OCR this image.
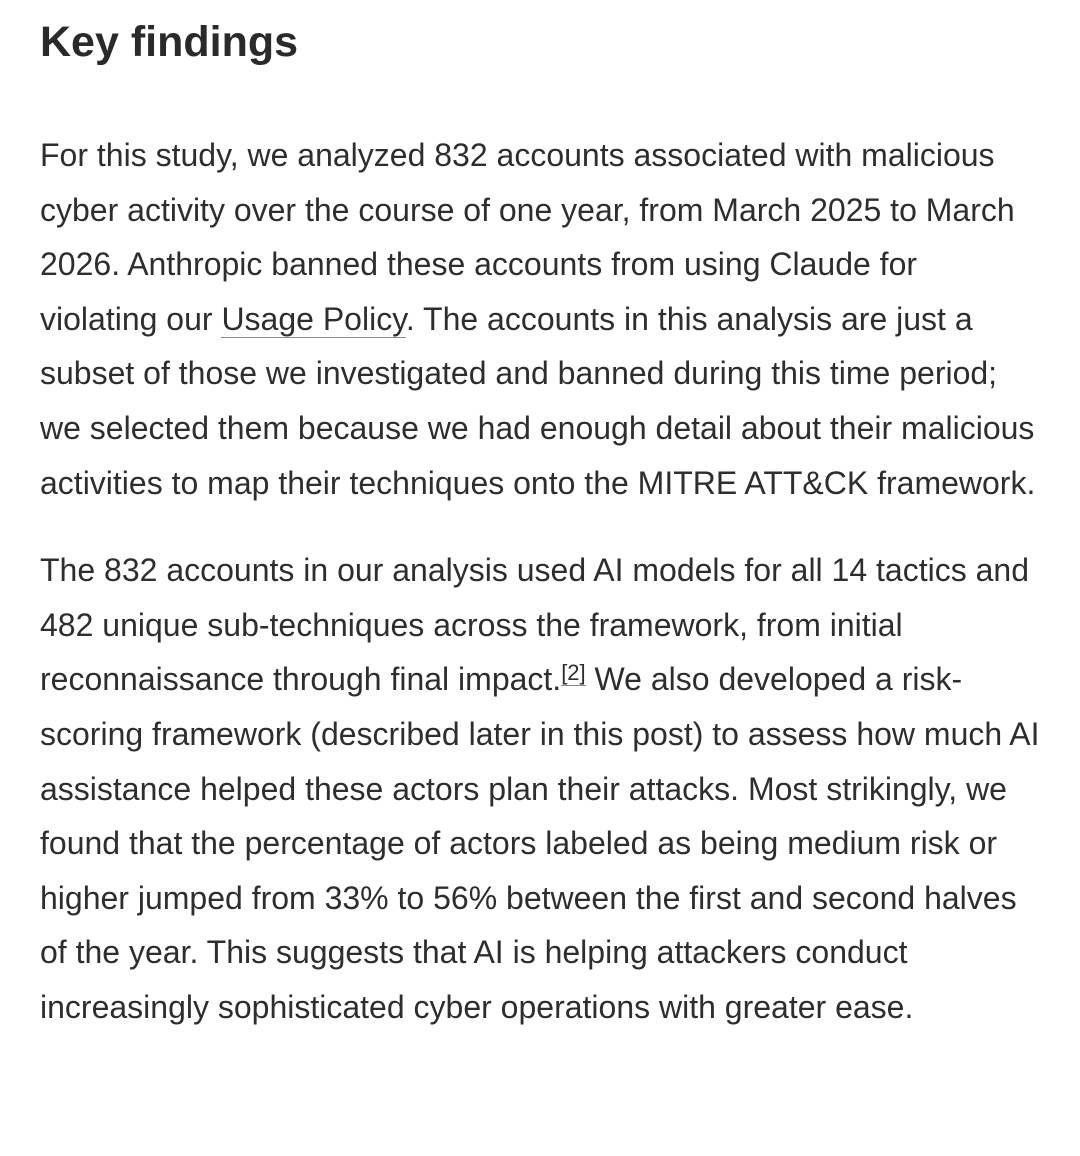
Key findings

For this study, we analyzed 832 accounts associated with malicious cyber activity over the course of one year, from March 2025 to March 2026. Anthropic banned these accounts from using Claude for violating our Usage Policy. The accounts in this analysis are just a subset of those we investigated and banned during this time period; we selected them because we had enough detail about their malicious activities to map their techniques onto the MITRE ATT&CK framework.

The 832 accounts in our analysis used AI models for all 14 tactics and 482 unique sub-techniques across the framework, from initial reconnaissance through final impact.[2] We also developed a risk-scoring framework (described later in this post) to assess how much AI assistance helped these actors plan their attacks. Most strikingly, we found that the percentage of actors labeled as being medium risk or higher jumped from 33% to 56% between the first and second halves of the year. This suggests that AI is helping attackers conduct increasingly sophisticated cyber operations with greater ease.
